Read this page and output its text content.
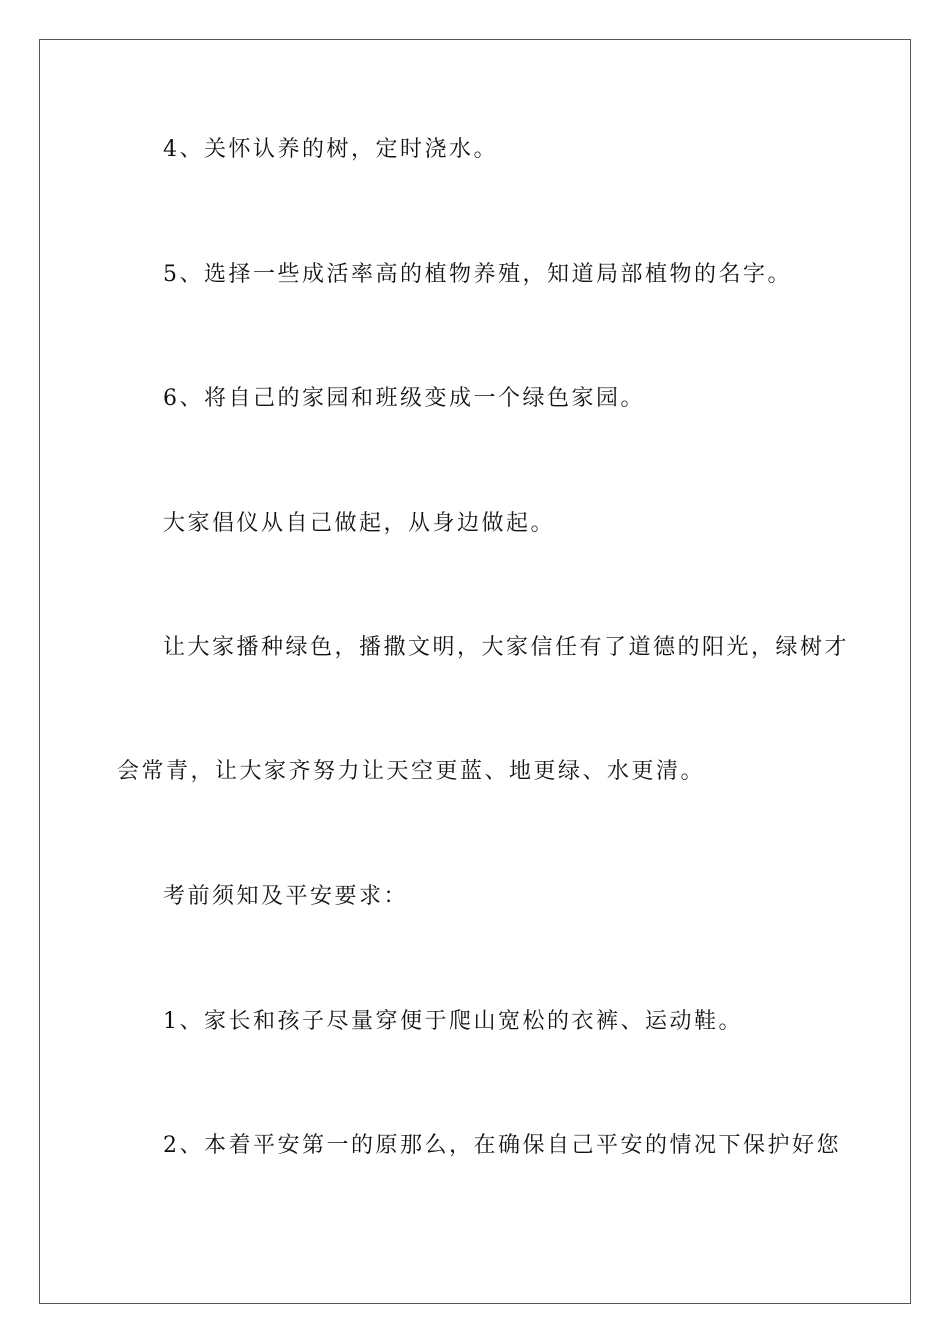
4、关怀认养的树，定时浇水。
5、选择一些成活率高的植物养殖，知道局部植物的名字。
6、将自己的家园和班级变成一个绿色家园。
大家倡仪从自己做起，从身边做起。
让大家播种绿色，播撒文明，大家信任有了道德的阳光，绿树才
会常青，让大家齐努力让天空更蓝、地更绿、水更清。
考前须知及平安要求：
1、家长和孩子尽量穿便于爬山宽松的衣裤、运动鞋。
2、本着平安第一的原那么，在确保自己平安的情况下保护好您
